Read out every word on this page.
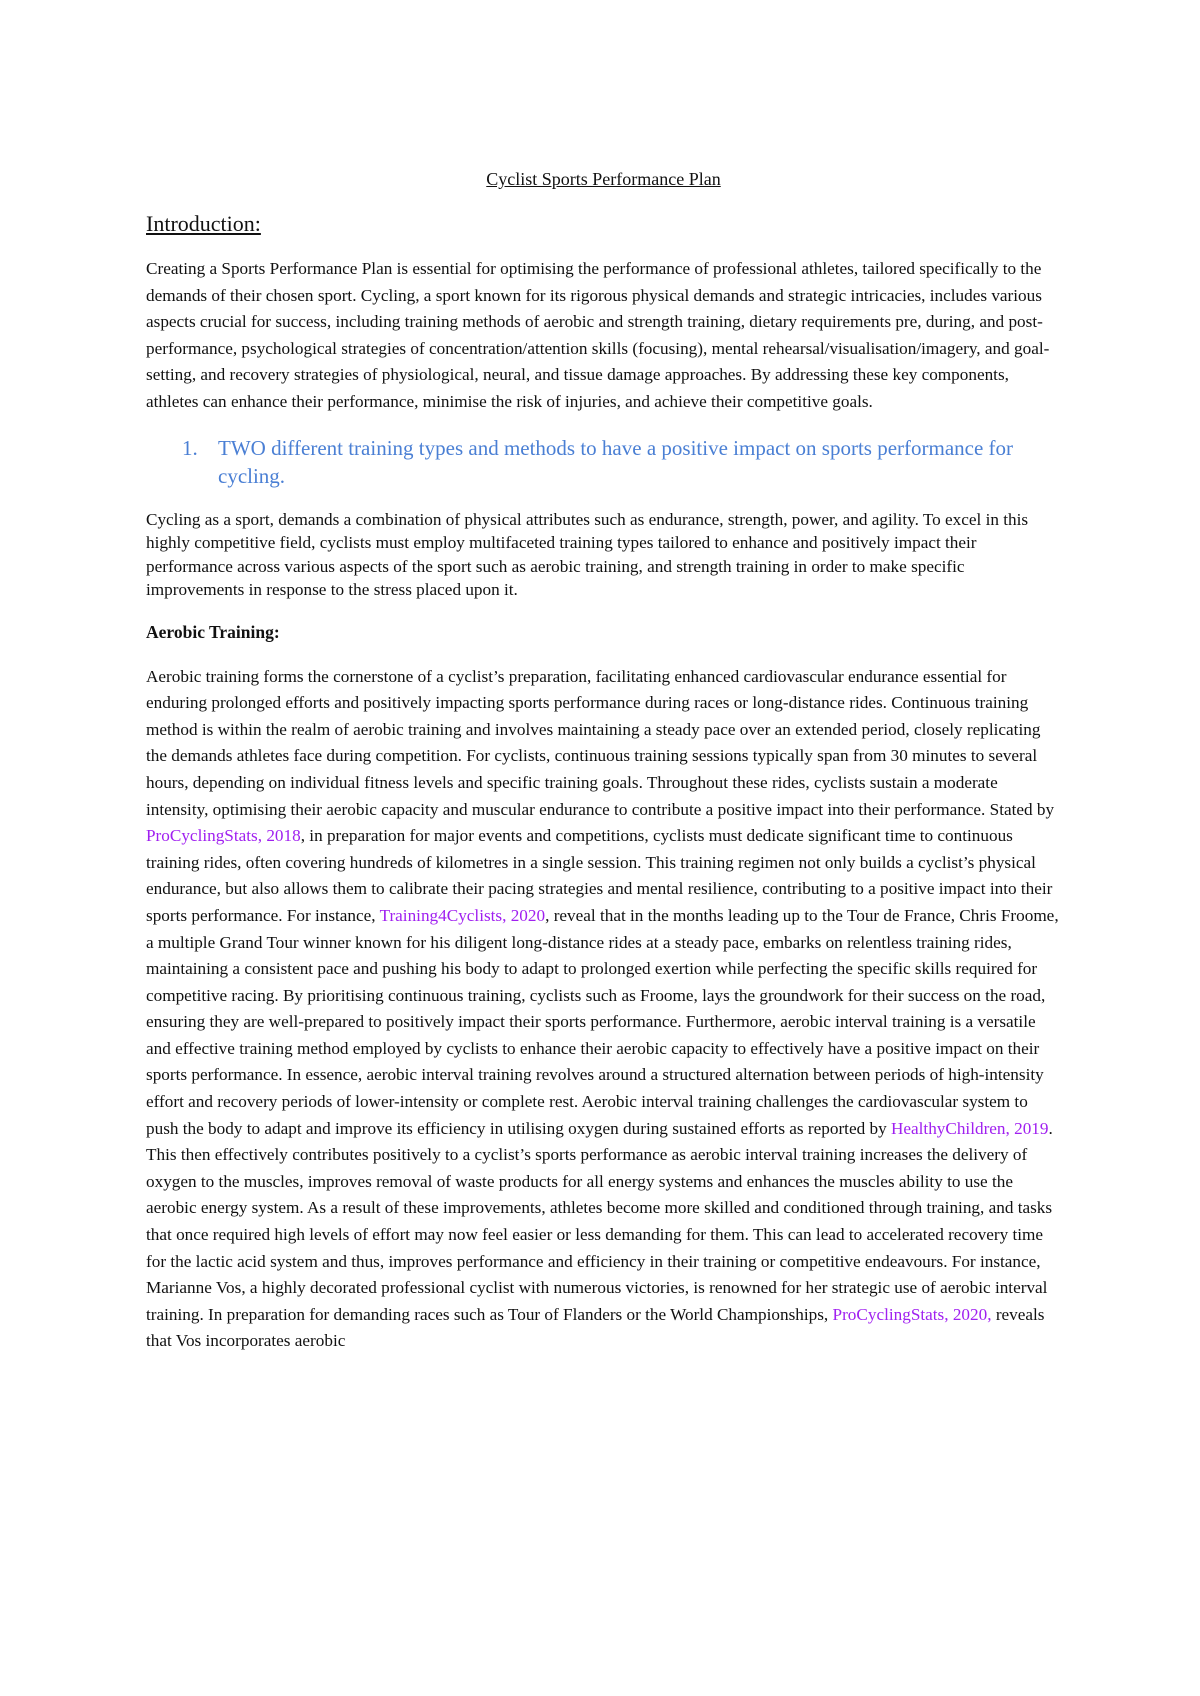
Cyclist Sports Performance Plan
Introduction:

Creating a Sports Performance Plan is essential for optimising the performance of professional athletes, tailored specifically to the demands of their chosen sport. Cycling, a sport known for its rigorous physical demands and strategic intricacies, includes various aspects crucial for success, including training methods of aerobic and strength training, dietary requirements pre, during, and post-performance, psychological strategies of concentration/attention skills (focusing), mental rehearsal/visualisation/imagery, and goal-setting, and recovery strategies of physiological, neural, and tissue damage approaches. By addressing these key components, athletes can enhance their performance, minimise the risk of injuries, and achieve their competitive goals.

1. TWO different training types and methods to have a positive impact on sports performance for cycling.

Cycling as a sport, demands a combination of physical attributes such as endurance, strength, power, and agility. To excel in this highly competitive field, cyclists must employ multifaceted training types tailored to enhance and positively impact their performance across various aspects of the sport such as aerobic training, and strength training in order to make specific improvements in response to the stress placed upon it.

Aerobic Training:

Aerobic training forms the cornerstone of a cyclist’s preparation, facilitating enhanced cardiovascular endurance essential for enduring prolonged efforts and positively impacting sports performance during races or long-distance rides. Continuous training method is within the realm of aerobic training and involves maintaining a steady pace over an extended period, closely replicating the demands athletes face during competition. For cyclists, continuous training sessions typically span from 30 minutes to several hours, depending on individual fitness levels and specific training goals. Throughout these rides, cyclists sustain a moderate intensity, optimising their aerobic capacity and muscular endurance to contribute a positive impact into their performance. Stated by ProCyclingStats, 2018, in preparation for major events and competitions, cyclists must dedicate significant time to continuous training rides, often covering hundreds of kilometres in a single session. This training regimen not only builds a cyclist’s physical endurance, but also allows them to calibrate their pacing strategies and mental resilience, contributing to a positive impact into their sports performance. For instance, Training4Cyclists, 2020, reveal that in the months leading up to the Tour de France, Chris Froome, a multiple Grand Tour winner known for his diligent long-distance rides at a steady pace, embarks on relentless training rides, maintaining a consistent pace and pushing his body to adapt to prolonged exertion while perfecting the specific skills required for competitive racing. By prioritising continuous training, cyclists such as Froome, lays the groundwork for their success on the road, ensuring they are well-prepared to positively impact their sports performance. Furthermore, aerobic interval training is a versatile and effective training method employed by cyclists to enhance their aerobic capacity to effectively have a positive impact on their sports performance. In essence, aerobic interval training revolves around a structured alternation between periods of high-intensity effort and recovery periods of lower-intensity or complete rest. Aerobic interval training challenges the cardiovascular system to push the body to adapt and improve its efficiency in utilising oxygen during sustained efforts as reported by HealthyChildren, 2019. This then effectively contributes positively to a cyclist’s sports performance as aerobic interval training increases the delivery of oxygen to the muscles, improves removal of waste products for all energy systems and enhances the muscles ability to use the aerobic energy system. As a result of these improvements, athletes become more skilled and conditioned through training, and tasks that once required high levels of effort may now feel easier or less demanding for them. This can lead to accelerated recovery time for the lactic acid system and thus, improves performance and efficiency in their training or competitive endeavours. For instance, Marianne Vos, a highly decorated professional cyclist with numerous victories, is renowned for her strategic use of aerobic interval training. In preparation for demanding races such as Tour of Flanders or the World Championships, ProCyclingStats, 2020, reveals that Vos incorporates aerobic
